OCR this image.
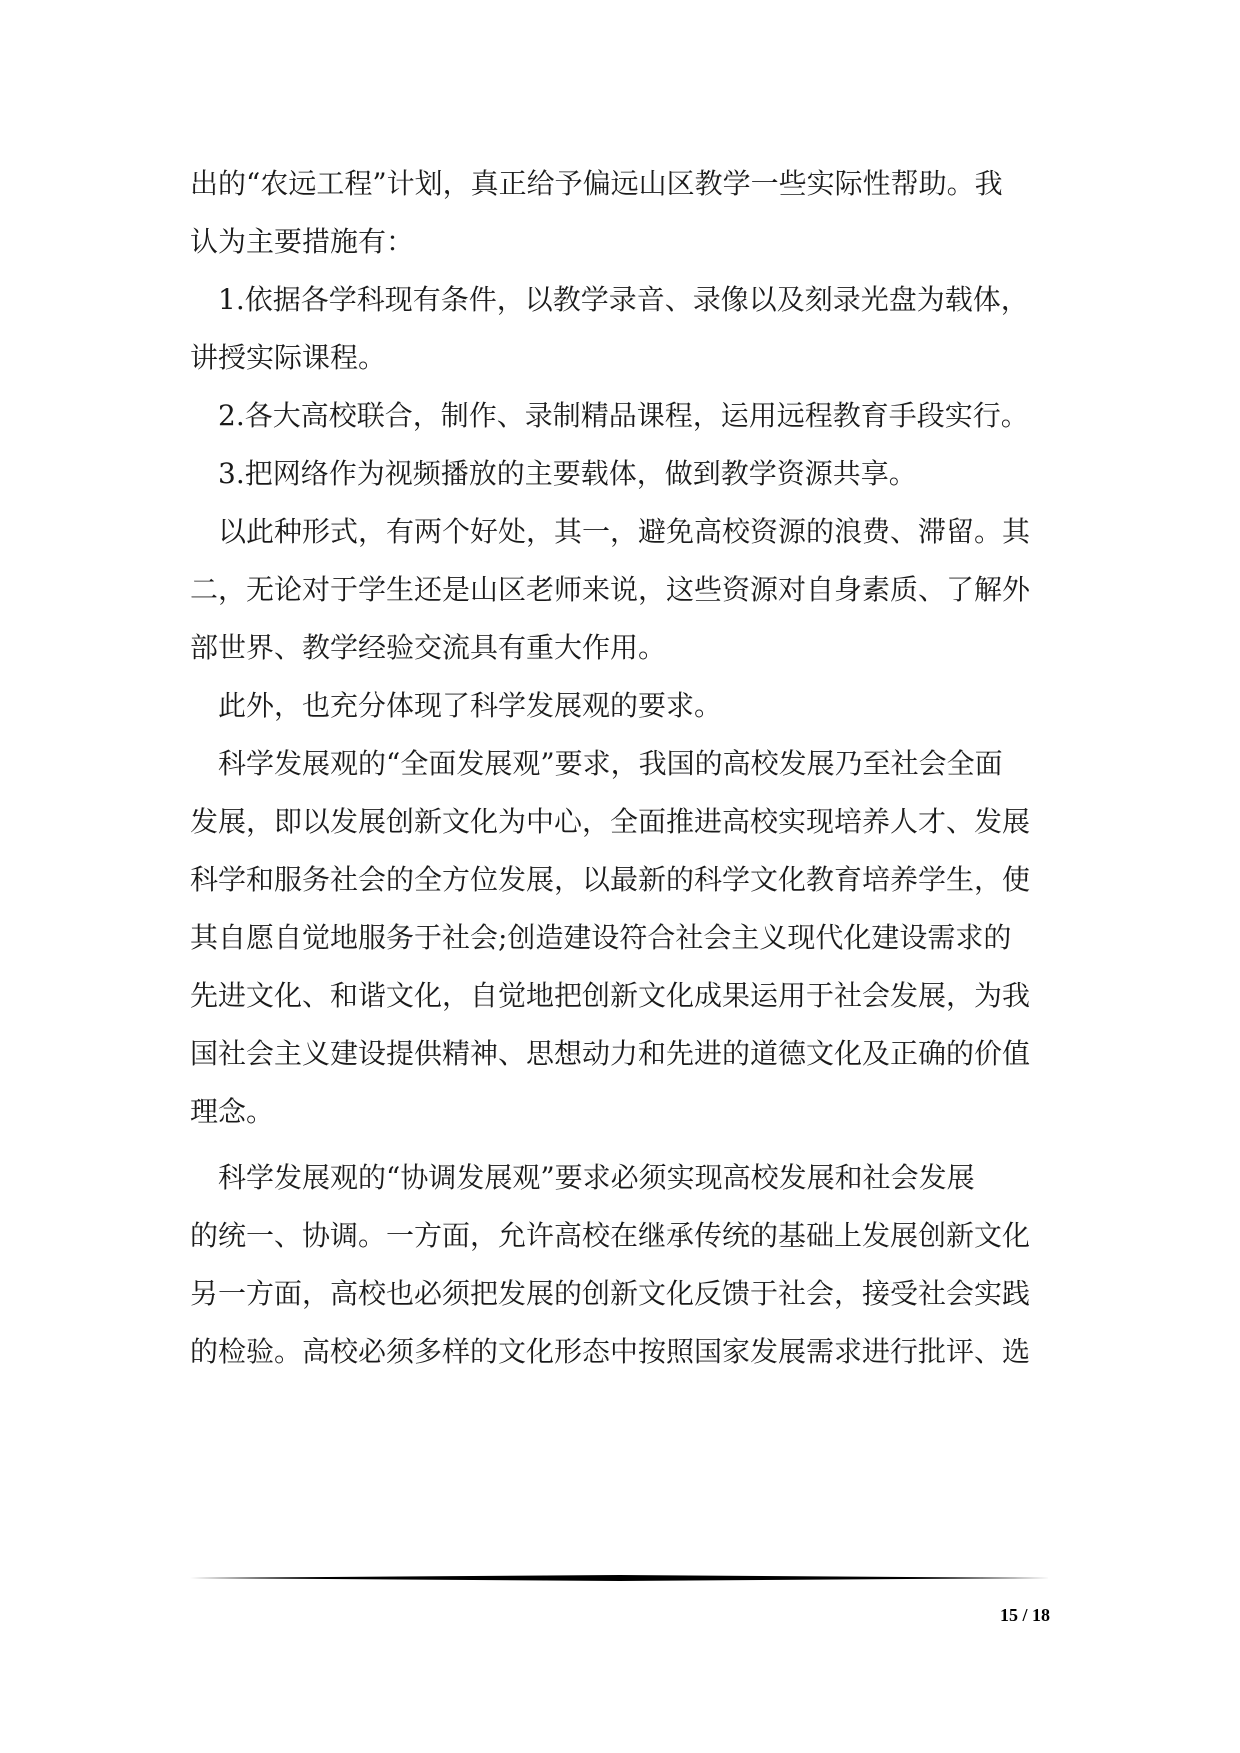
出的“农远工程”计划，真正给予偏远山区教学一些实际性帮助。我
认为主要措施有：
1.依据各学科现有条件，以教学录音、录像以及刻录光盘为载体，
讲授实际课程。
2.各大高校联合，制作、录制精品课程，运用远程教育手段实行。
3.把网络作为视频播放的主要载体，做到教学资源共享。
以此种形式，有两个好处，其一，避免高校资源的浪费、滞留。其
二，无论对于学生还是山区老师来说，这些资源对自身素质、了解外
部世界、教学经验交流具有重大作用。
此外，也充分体现了科学发展观的要求。
科学发展观的“全面发展观”要求，我国的高校发展乃至社会全面
发展，即以发展创新文化为中心，全面推进高校实现培养人才、发展
科学和服务社会的全方位发展，以最新的科学文化教育培养学生，使
其自愿自觉地服务于社会;创造建设符合社会主义现代化建设需求的
先进文化、和谐文化，自觉地把创新文化成果运用于社会发展，为我
国社会主义建设提供精神、思想动力和先进的道德文化及正确的价值
理念。
科学发展观的“协调发展观”要求必须实现高校发展和社会发展
的统一、协调。一方面，允许高校在继承传统的基础上发展创新文化
另一方面，高校也必须把发展的创新文化反馈于社会，接受社会实践
的检验。高校必须多样的文化形态中按照国家发展需求进行批评、选
15 / 18
